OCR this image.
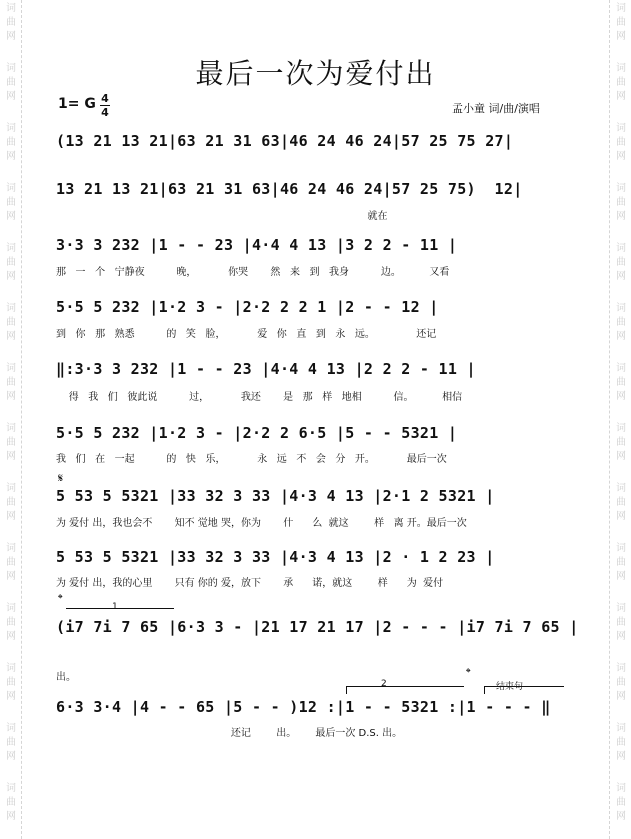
词
曲
网
词
曲
网
词
曲
网
词
曲
网
词
曲
网
词
曲
网
词
曲
网
词
曲
网
词
曲
网
词
曲
网
词
曲
网
词
曲
网
词
曲
网
词
曲
网
词
曲
网
词
曲
网
词
曲
网
词
曲
网
词
曲
网
词
曲
网
词
曲
网
词
曲
网
词
曲
网
词
曲
网
词
曲
网
词
曲
网
词
曲
网
词
曲
网
最后一次为爱付出
1= G 4
4	孟小童 词/曲/演唱
(13 21 13 21|63 21 31 63|46 24 46 24|57 25 75 27|
13 21 13 21|63 21 31 63|46 24 46 24|57 25 75)  12|
就在
3·3 3 232 |1 - - 23 |4·4 4 13 |3 2 2 - 11 |
那   一   个   宁静夜          晚，          你哭       然   来   到   我身          边。         又看
5·5 5 232 |1·2 3 - |2·2 2 2 1 |2 - - 12 |
到   你   那   熟悉          的   笑   脸，          爱   你   直   到   永   远。             还记
‖:3·3 3 232 |1 - - 23 |4·4 4 13 |2 2 2 - 11 |
得   我   们   彼此说          过，          我还       是   那   样   地相          信。         相信
5·5 5 232 |1·2 3 - |2·2 2 6·5 |5 - - 5321 |
我   们   在   一起          的   快   乐，          永   远   不   会   分   开。          最后一次
𝄋
5 53 5 5321 |33 32 3 33 |4·3 4 13 |2·1 2 5321 |
为 爱付 出，我也会不       知不 觉地 哭，你为       什      么  就这        样   离 开。最后一次
5 53 5 5321 |33 32 3 33 |4·3 4 13 |2 · 1 2 23 |
为 爱付 出，我的心里       只有 你的 爱，放下       承      诺，就这        样      为  爱付
𝄌	1
(i7 7i 7 65 |6·3 3 - |21 17 21 17 |2 - - - |i7 7i 7 65 |
出。	𝄌
2	结束句
6·3 3·4 |4 - - 65 |5 - - )12 :|1 - - 5321 :|1 - - - ‖
还记        出。      最后一次 D.S. 出。
